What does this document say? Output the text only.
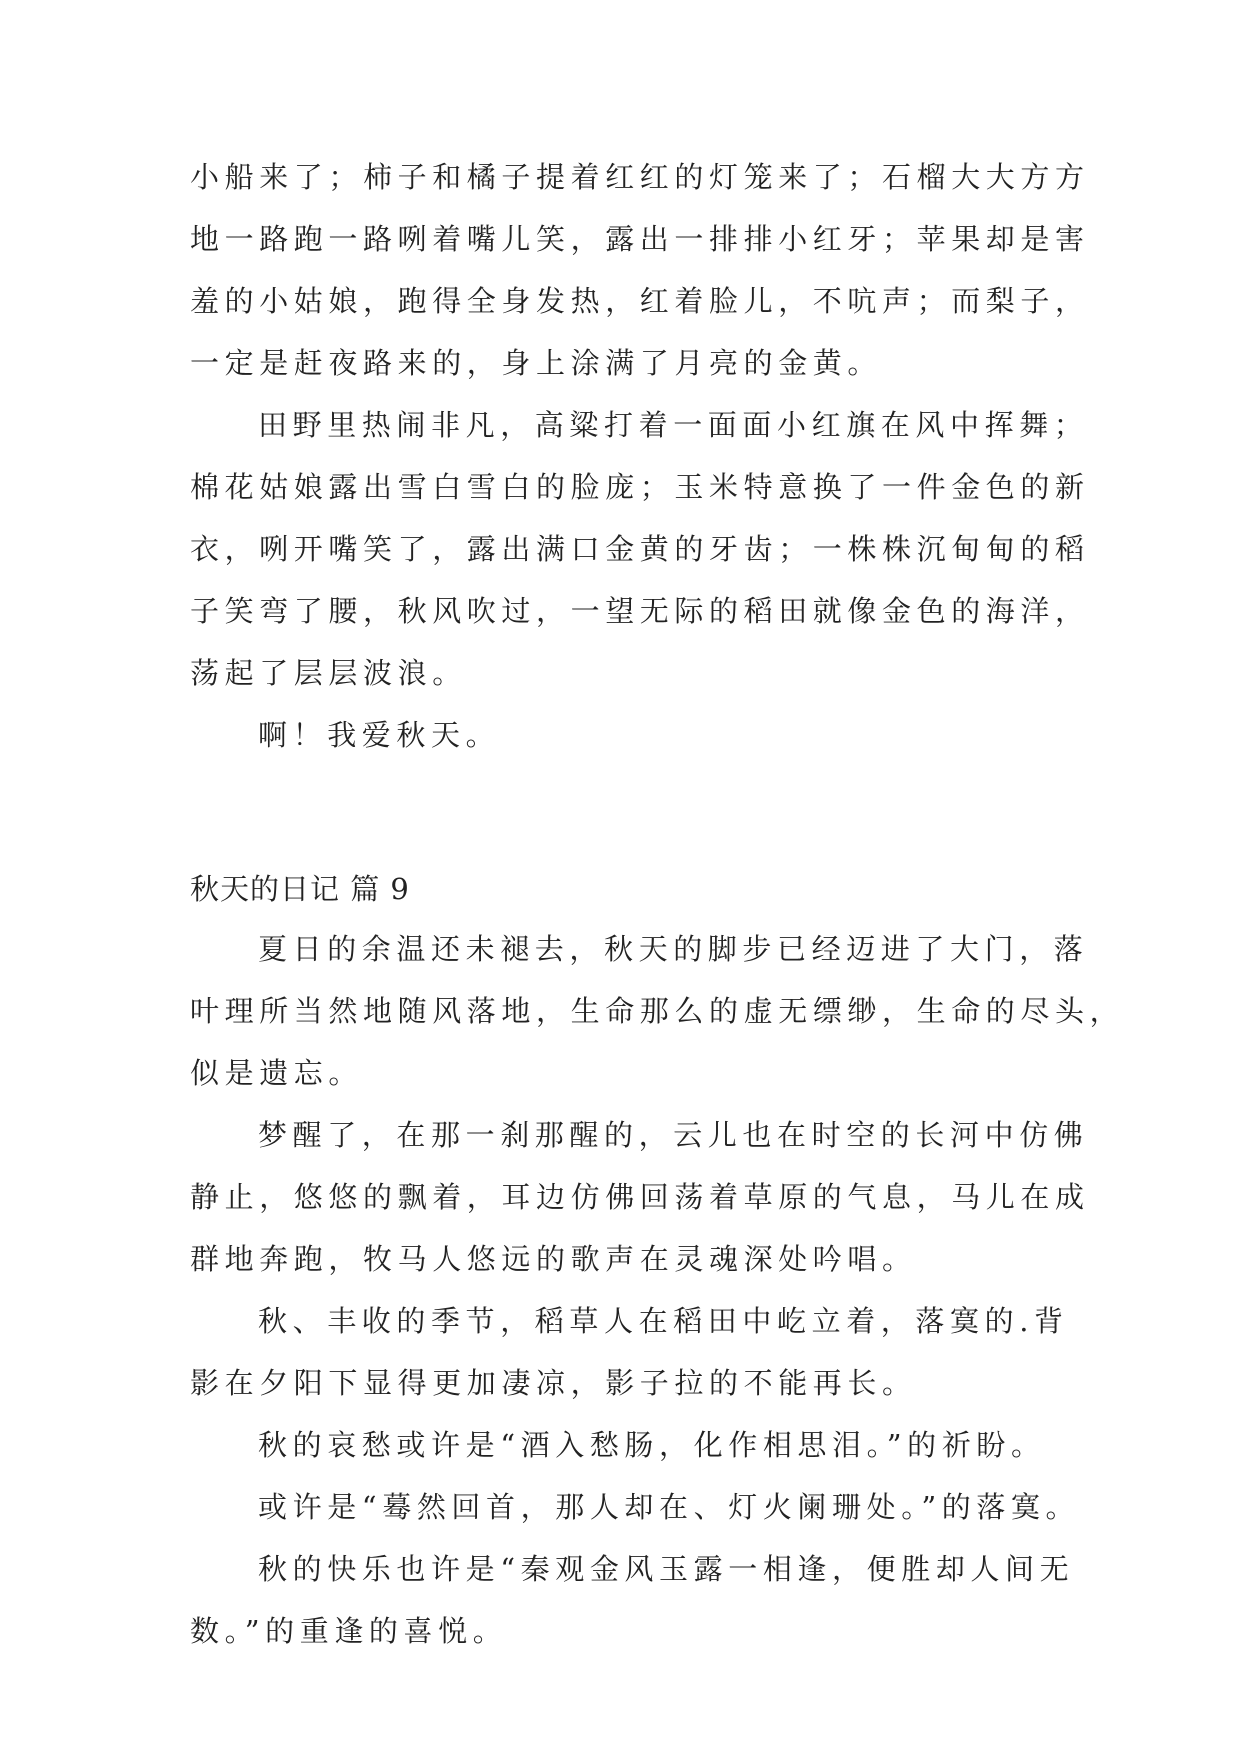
小船来了；柿子和橘子提着红红的灯笼来了；石榴大大方方
地一路跑一路咧着嘴儿笑，露出一排排小红牙；苹果却是害
羞的小姑娘，跑得全身发热，红着脸儿，不吭声；而梨子，
一定是赶夜路来的，身上涂满了月亮的金黄。
田野里热闹非凡，高粱打着一面面小红旗在风中挥舞；
棉花姑娘露出雪白雪白的脸庞；玉米特意换了一件金色的新
衣，咧开嘴笑了，露出满口金黄的牙齿；一株株沉甸甸的稻
子笑弯了腰，秋风吹过，一望无际的稻田就像金色的海洋，
荡起了层层波浪。
啊！我爱秋天。
秋天的日记 篇 9
夏日的余温还未褪去，秋天的脚步已经迈进了大门，落
叶理所当然地随风落地，生命那么的虚无缥缈，生命的尽头，
似是遗忘。
梦醒了，在那一刹那醒的，云儿也在时空的长河中仿佛
静止，悠悠的飘着，耳边仿佛回荡着草原的气息，马儿在成
群地奔跑，牧马人悠远的歌声在灵魂深处吟唱。
秋、丰收的季节，稻草人在稻田中屹立着，落寞的.背
影在夕阳下显得更加凄凉，影子拉的不能再长。
秋的哀愁或许是“酒入愁肠，化作相思泪。”的祈盼。
或许是“蓦然回首，那人却在、灯火阑珊处。”的落寞。
秋的快乐也许是“秦观金风玉露一相逢，便胜却人间无
数。”的重逢的喜悦。
